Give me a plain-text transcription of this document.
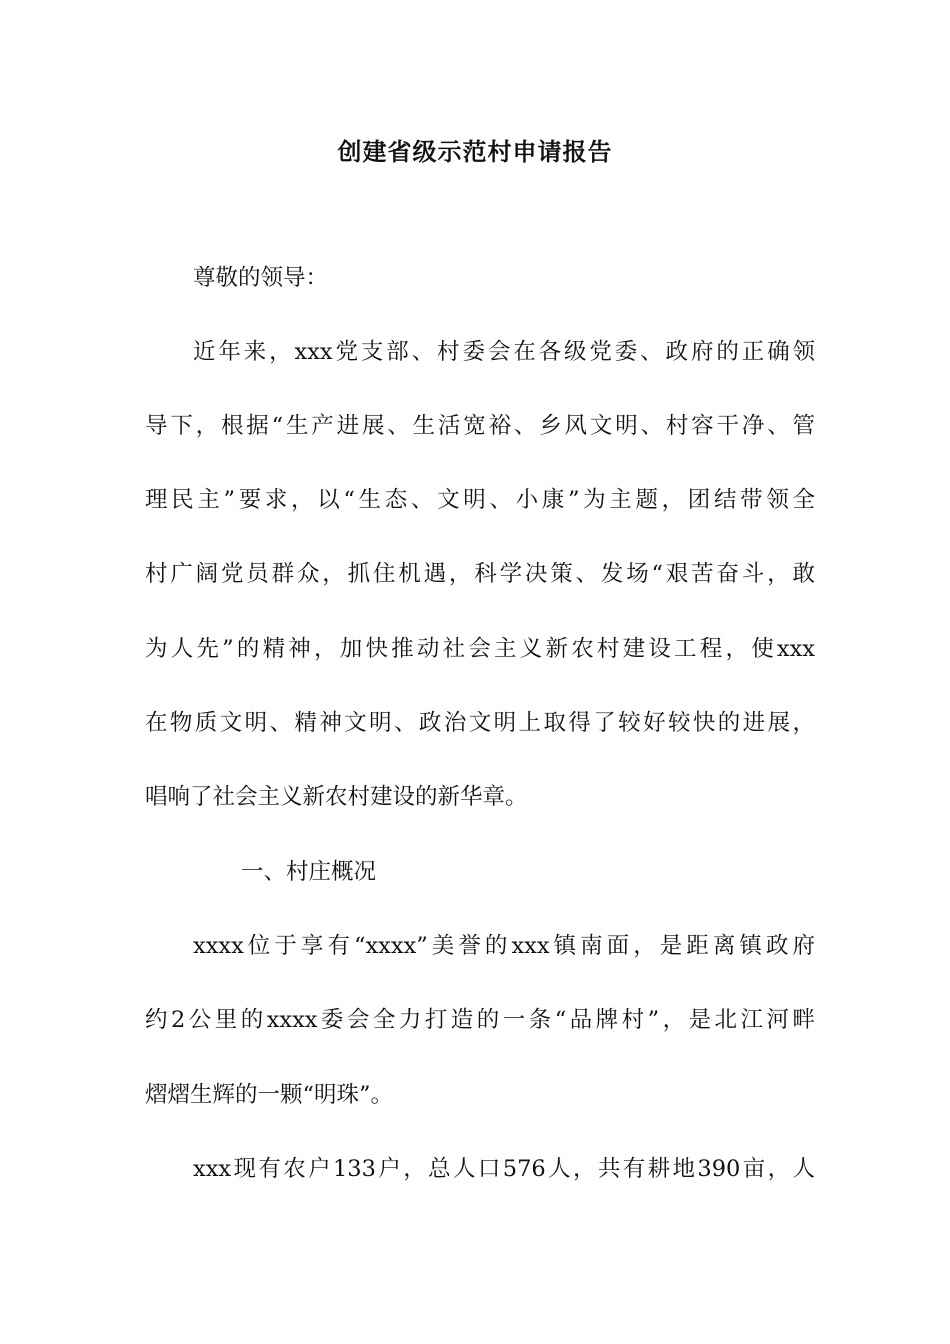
创建省级示范村申请报告
尊敬的领导：
近年来，xxx党支部、村委会在各级党委、政府的正确领
导下，根据“生产进展、生活宽裕、乡风文明、村容干净、管
理民主”要求，以“生态、文明、小康”为主题，团结带领全
村广阔党员群众，抓住机遇，科学决策、发场“艰苦奋斗，敢
为人先”的精神，加快推动社会主义新农村建设工程，使xxx
在物质文明、精神文明、政治文明上取得了较好较快的进展，
唱响了社会主义新农村建设的新华章。
一、村庄概况
xxxx位于享有“xxxx”美誉的xxx镇南面，是距离镇政府
约2公里的xxxx委会全力打造的一条“品牌村”，是北江河畔
熠熠生辉的一颗“明珠”。
xxx现有农户133户，总人口576人，共有耕地390亩，人
